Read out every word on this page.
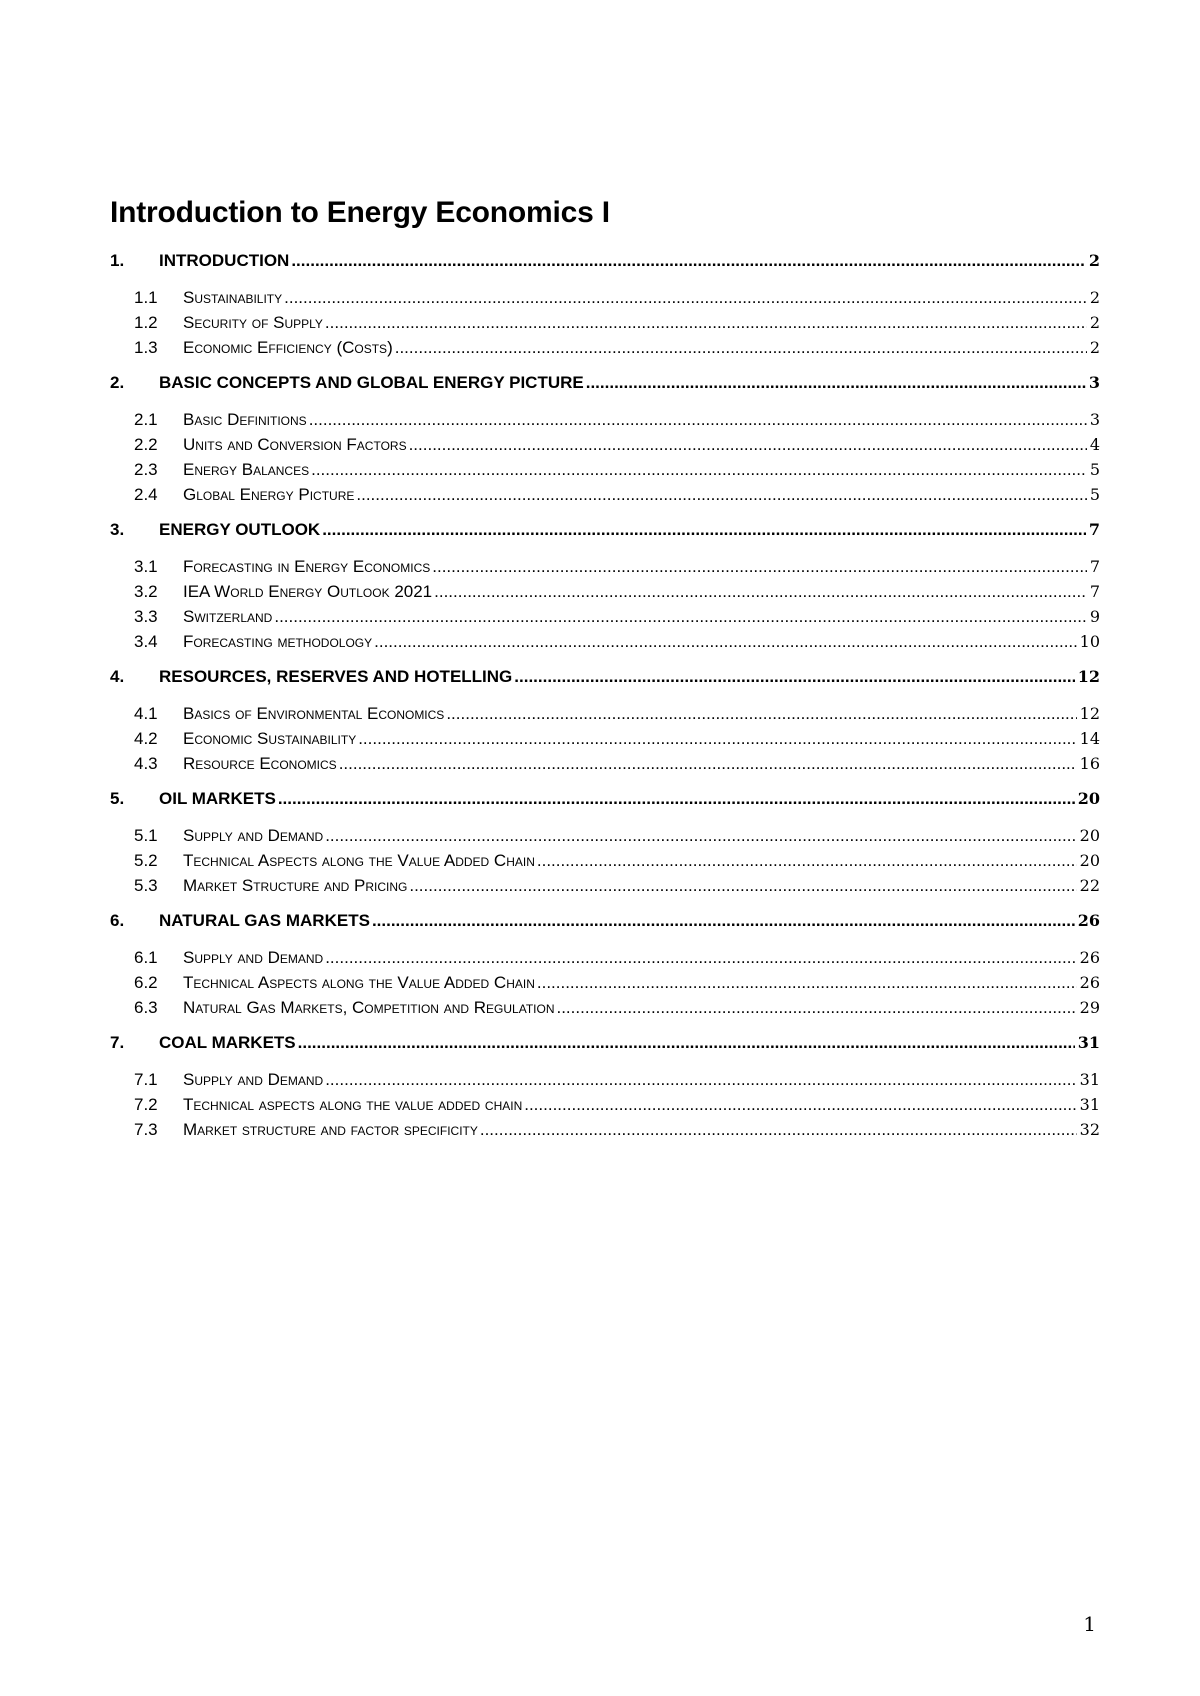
Introduction to Energy Economics I
1.	INTRODUCTION .....	2
1.1	Sustainability .....	2
1.2	Security of Supply .....	2
1.3	Economic Efficiency (Costs) .....	2
2.	BASIC CONCEPTS AND GLOBAL ENERGY PICTURE .....	3
2.1	Basic Definitions .....	3
2.2	Units and Conversion Factors .....	4
2.3	Energy Balances .....	5
2.4	Global Energy Picture .....	5
3.	ENERGY OUTLOOK .....	7
3.1	Forecasting in Energy Economics .....	7
3.2	IEA World Energy Outlook 2021 .....	7
3.3	Switzerland .....	9
3.4	Forecasting methodology .....	10
4.	RESOURCES, RESERVES AND HOTELLING .....	12
4.1	Basics of Environmental Economics .....	12
4.2	Economic Sustainability .....	14
4.3	Resource Economics .....	16
5.	OIL MARKETS .....	20
5.1	Supply and Demand .....	20
5.2	Technical Aspects along the Value Added Chain .....	20
5.3	Market Structure and Pricing .....	22
6.	NATURAL GAS MARKETS .....	26
6.1	Supply and Demand .....	26
6.2	Technical Aspects along the Value Added Chain .....	26
6.3	Natural Gas Markets, Competition and Regulation .....	29
7.	COAL MARKETS .....	31
7.1	Supply and Demand .....	31
7.2	Technical aspects along the value added chain .....	31
7.3	Market structure and factor specificity .....	32
1
